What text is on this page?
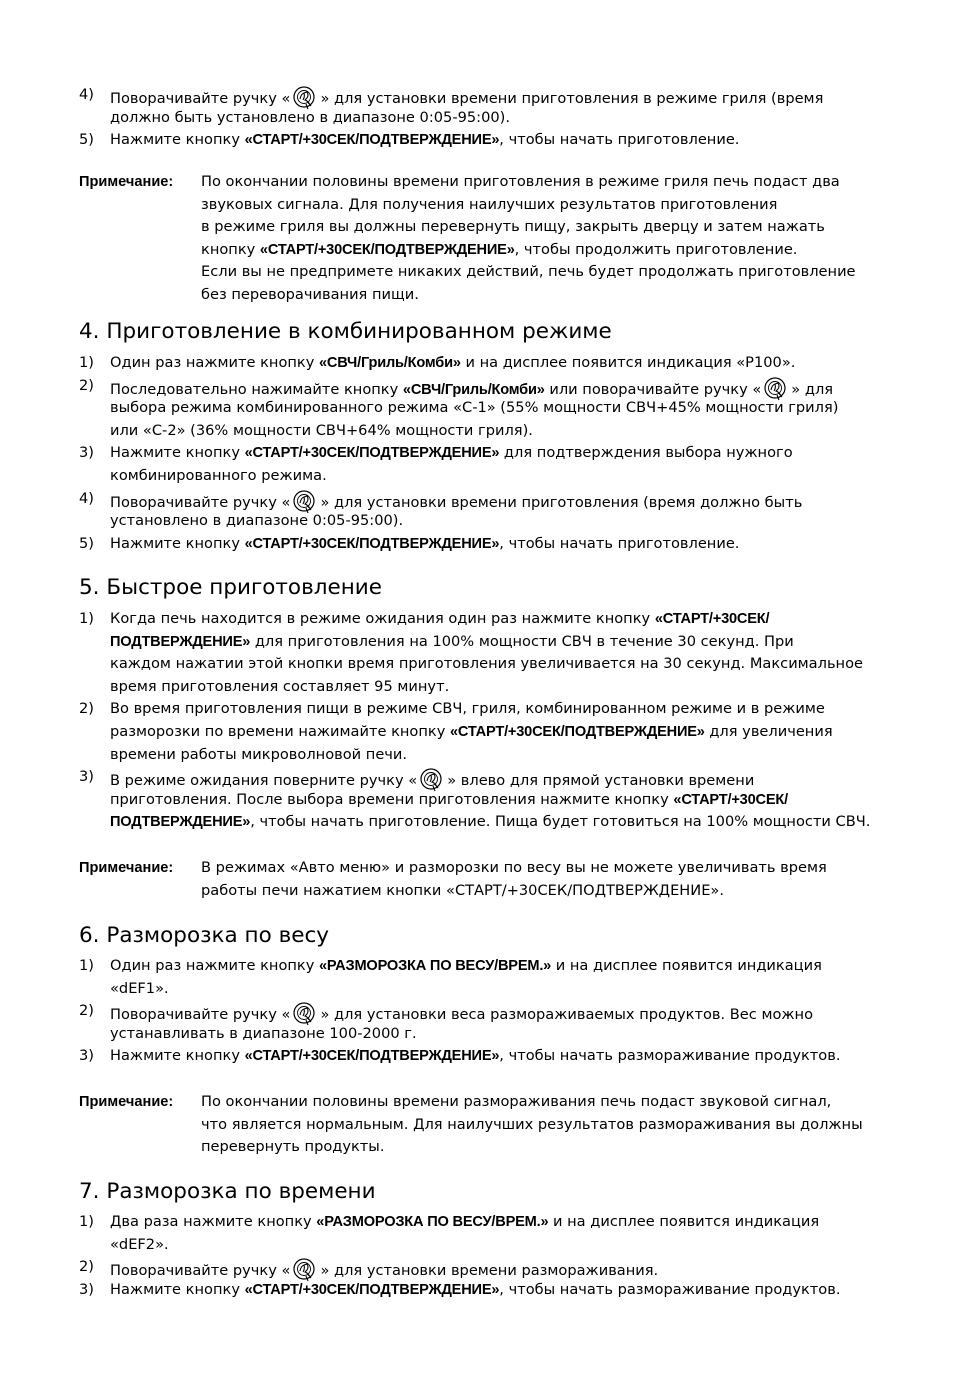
4)	Поворачивайте ручку « » для установки времени приготовления в режиме гриля (время
должно быть установлено в диапазоне 0:05-95:00).
5)	Нажмите кнопку «СТАРТ/+30СЕК/ПОДТВЕРЖДЕНИЕ», чтобы начать приготовление.
Примечание: По окончании половины времени приготовления в режиме гриля печь подаст два
звуковых сигнала. Для получения наилучших результатов приготовления
в режиме гриля вы должны перевернуть пищу, закрыть дверцу и затем нажать
кнопку «СТАРТ/+30СЕК/ПОДТВЕРЖДЕНИЕ», чтобы продолжить приготовление.
Если вы не предпримете никаких действий, печь будет продолжать приготовление
без переворачивания пищи.
4. Приготовление в комбинированном режиме
1)	Один раз нажмите кнопку «СВЧ/Гриль/Комби» и на дисплее появится индикация «P100».
2)	Последовательно нажимайте кнопку «СВЧ/Гриль/Комби» или поворачивайте ручку « » для
выбора режима комбинированного режима «С-1» (55% мощности СВЧ+45% мощности гриля)
или «С-2» (36% мощности СВЧ+64% мощности гриля).
3)	Нажмите кнопку «СТАРТ/+30СЕК/ПОДТВЕРЖДЕНИЕ» для подтверждения выбора нужного
комбинированного режима.
4)	Поворачивайте ручку « » для установки времени приготовления (время должно быть
установлено в диапазоне 0:05-95:00).
5)	Нажмите кнопку «СТАРТ/+30СЕК/ПОДТВЕРЖДЕНИЕ», чтобы начать приготовление.
5. Быстрое приготовление
1)	Когда печь находится в режиме ожидания один раз нажмите кнопку «СТАРТ/+30СЕК/
ПОДТВЕРЖДЕНИЕ» для приготовления на 100% мощности СВЧ в течение 30 секунд. При
каждом нажатии этой кнопки время приготовления увеличивается на 30 секунд. Максимальное
время приготовления составляет 95 минут.
2)	Во время приготовления пищи в режиме СВЧ, гриля, комбинированном режиме и в режиме
разморозки по времени нажимайте кнопку «СТАРТ/+30СЕК/ПОДТВЕРЖДЕНИЕ» для увеличения
времени работы микроволновой печи.
3)	В режиме ожидания поверните ручку « » влево для прямой установки времени
приготовления. После выбора времени приготовления нажмите кнопку «СТАРТ/+30СЕК/
ПОДТВЕРЖДЕНИЕ», чтобы начать приготовление. Пища будет готовиться на 100% мощности СВЧ.
Примечание: В режимах «Авто меню» и разморозки по весу вы не можете увеличивать время
работы печи нажатием кнопки «СТАРТ/+30СЕК/ПОДТВЕРЖДЕНИЕ».
6. Разморозка по весу
1)	Один раз нажмите кнопку «РАЗМОРОЗКА ПО ВЕСУ/ВРЕМ.» и на дисплее появится индикация
«dEF1».
2)	Поворачивайте ручку « » для установки веса размораживаемых продуктов. Вес можно
устанавливать в диапазоне 100-2000 г.
3)	Нажмите кнопку «СТАРТ/+30СЕК/ПОДТВЕРЖДЕНИЕ», чтобы начать размораживание продуктов.
Примечание: По окончании половины времени размораживания печь подаст звуковой сигнал,
что является нормальным. Для наилучших результатов размораживания вы должны
перевернуть продукты.
7. Разморозка по времени
1)	Два раза нажмите кнопку «РАЗМОРОЗКА ПО ВЕСУ/ВРЕМ.» и на дисплее появится индикация
«dEF2».
2)	Поворачивайте ручку « » для установки времени размораживания.
3)	Нажмите кнопку «СТАРТ/+30СЕК/ПОДТВЕРЖДЕНИЕ», чтобы начать размораживание продуктов.
